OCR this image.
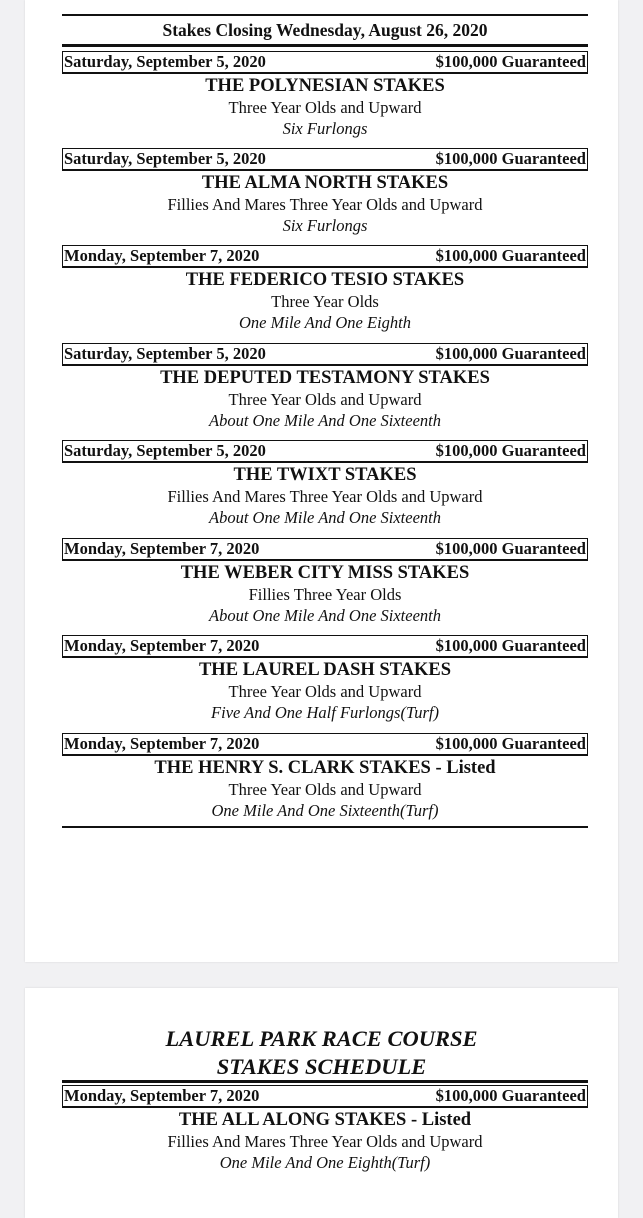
Stakes Closing Wednesday, August 26, 2020
Saturday, September 5, 2020	$100,000 Guaranteed
THE POLYNESIAN STAKES
Three Year Olds and Upward
Six Furlongs
Saturday, September 5, 2020	$100,000 Guaranteed
THE ALMA NORTH STAKES
Fillies And Mares Three Year Olds and Upward
Six Furlongs
Monday, September 7, 2020	$100,000 Guaranteed
THE FEDERICO TESIO STAKES
Three Year Olds
One Mile And One Eighth
Saturday, September 5, 2020	$100,000 Guaranteed
THE DEPUTED TESTAMONY STAKES
Three Year Olds and Upward
About One Mile And One Sixteenth
Saturday, September 5, 2020	$100,000 Guaranteed
THE TWIXT STAKES
Fillies And Mares Three Year Olds and Upward
About One Mile And One Sixteenth
Monday, September 7, 2020	$100,000 Guaranteed
THE WEBER CITY MISS STAKES
Fillies Three Year Olds
About One Mile And One Sixteenth
Monday, September 7, 2020	$100,000 Guaranteed
THE LAUREL DASH STAKES
Three Year Olds and Upward
Five And One Half Furlongs(Turf)
Monday, September 7, 2020	$100,000 Guaranteed
THE HENRY S. CLARK STAKES - Listed
Three Year Olds and Upward
One Mile And One Sixteenth(Turf)
LAUREL PARK RACE COURSE
STAKES SCHEDULE
Monday, September 7, 2020	$100,000 Guaranteed
THE ALL ALONG STAKES - Listed
Fillies And Mares Three Year Olds and Upward
One Mile And One Eighth(Turf)
